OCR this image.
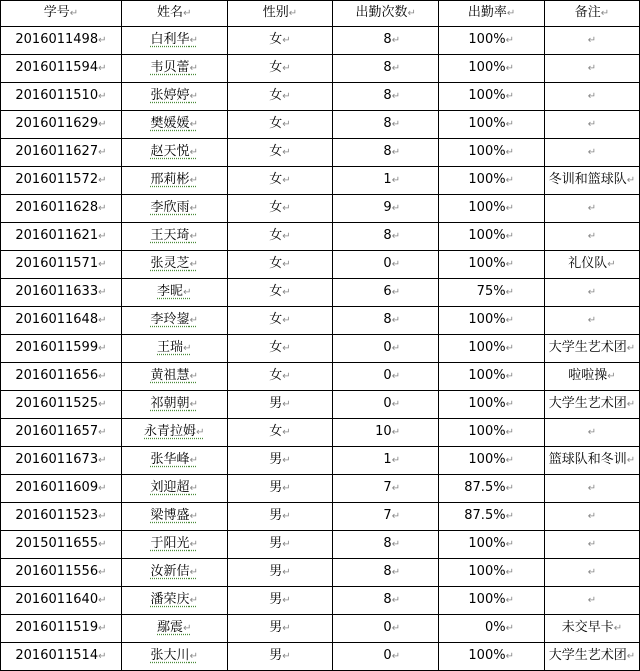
学号↵	姓名↵	性别↵	出勤次数↵	出勤率↵	备注↵
2016011498↵	白利华↵	女↵	8↵	100%↵	↵
2016011594↵	韦贝蕾↵	女↵	8↵	100%↵	↵
2016011510↵	张婷婷↵	女↵	8↵	100%↵	↵
2016011629↵	樊媛媛↵	女↵	8↵	100%↵	↵
2016011627↵	赵天悦↵	女↵	8↵	100%↵	↵
2016011572↵	邢莉彬↵	女↵	1↵	100%↵	冬训和篮球队↵
2016011628↵	李欣雨↵	女↵	9↵	100%↵	↵
2016011621↵	王天琦↵	女↵	8↵	100%↵	↵
2016011571↵	张灵芝↵	女↵	0↵	100%↵	礼仪队↵
2016011633↵	李昵↵	女↵	6↵	75%↵	↵
2016011648↵	李玲鋆↵	女↵	8↵	100%↵	↵
2016011599↵	王瑞↵	女↵	0↵	100%↵	大学生艺术团↵
2016011656↵	黄祖慧↵	女↵	0↵	100%↵	啦啦操↵
2016011525↵	祁朝朝↵	男↵	0↵	100%↵	大学生艺术团↵
2016011657↵	永青拉姆↵	女↵	10↵	100%↵	↵
2016011673↵	张华峰↵	男↵	1↵	100%↵	篮球队和冬训↵
2016011609↵	刘迎超↵	男↵	7↵	87.5%↵	↵
2016011523↵	梁博盛↵	男↵	7↵	87.5%↵	↵
2015011655↵	于阳光↵	男↵	8↵	100%↵	↵
2016011556↵	汝新佶↵	男↵	8↵	100%↵	↵
2016011640↵	潘荣庆↵	男↵	8↵	100%↵	↵
2016011519↵	鄢震↵	男↵	0↵	0%↵	未交早卡↵
2016011514↵	张大川↵	男↵	0↵	100%↵	大学生艺术团↵
